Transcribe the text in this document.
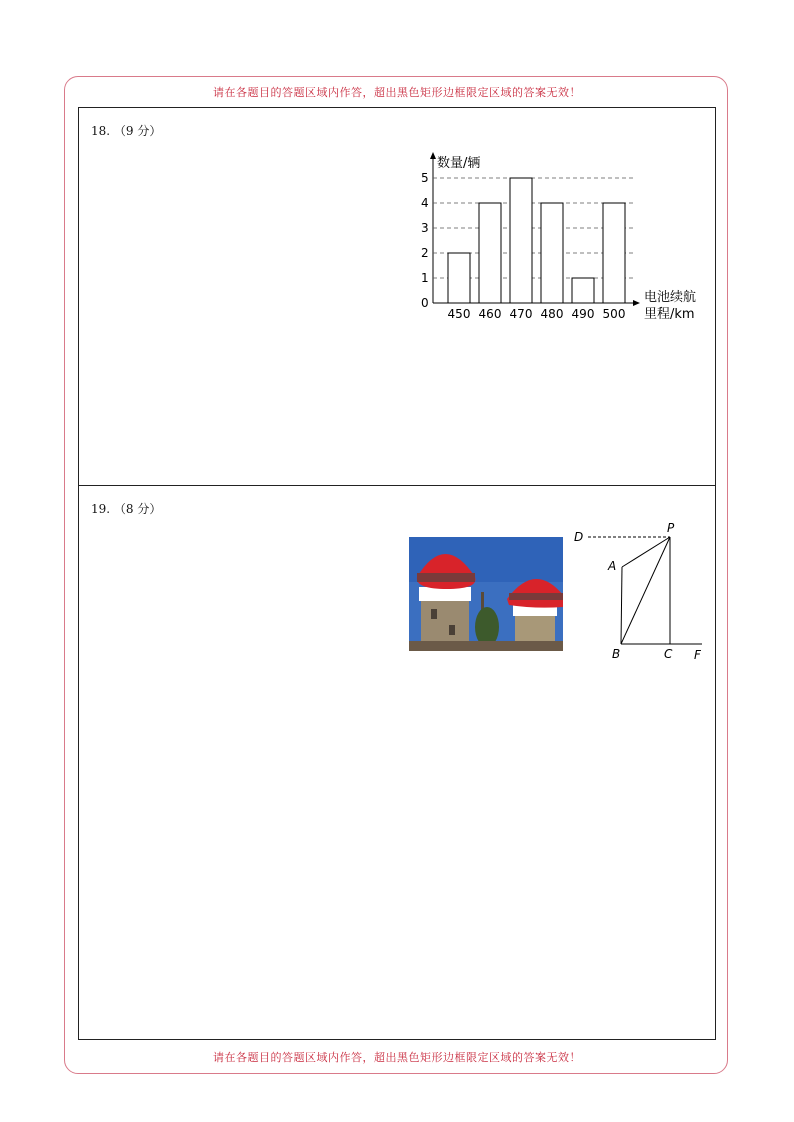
请在各题目的答题区域内作答，超出黑色矩形边框限定区域的答案无效！
18. （9 分）
数量/辆
电池续航
里程/km
0
1
2
3
4
5
450 460 470 480 490 500
19. （8 分）
D
P
A
B	C F
请在各题目的答题区域内作答，超出黑色矩形边框限定区域的答案无效！
